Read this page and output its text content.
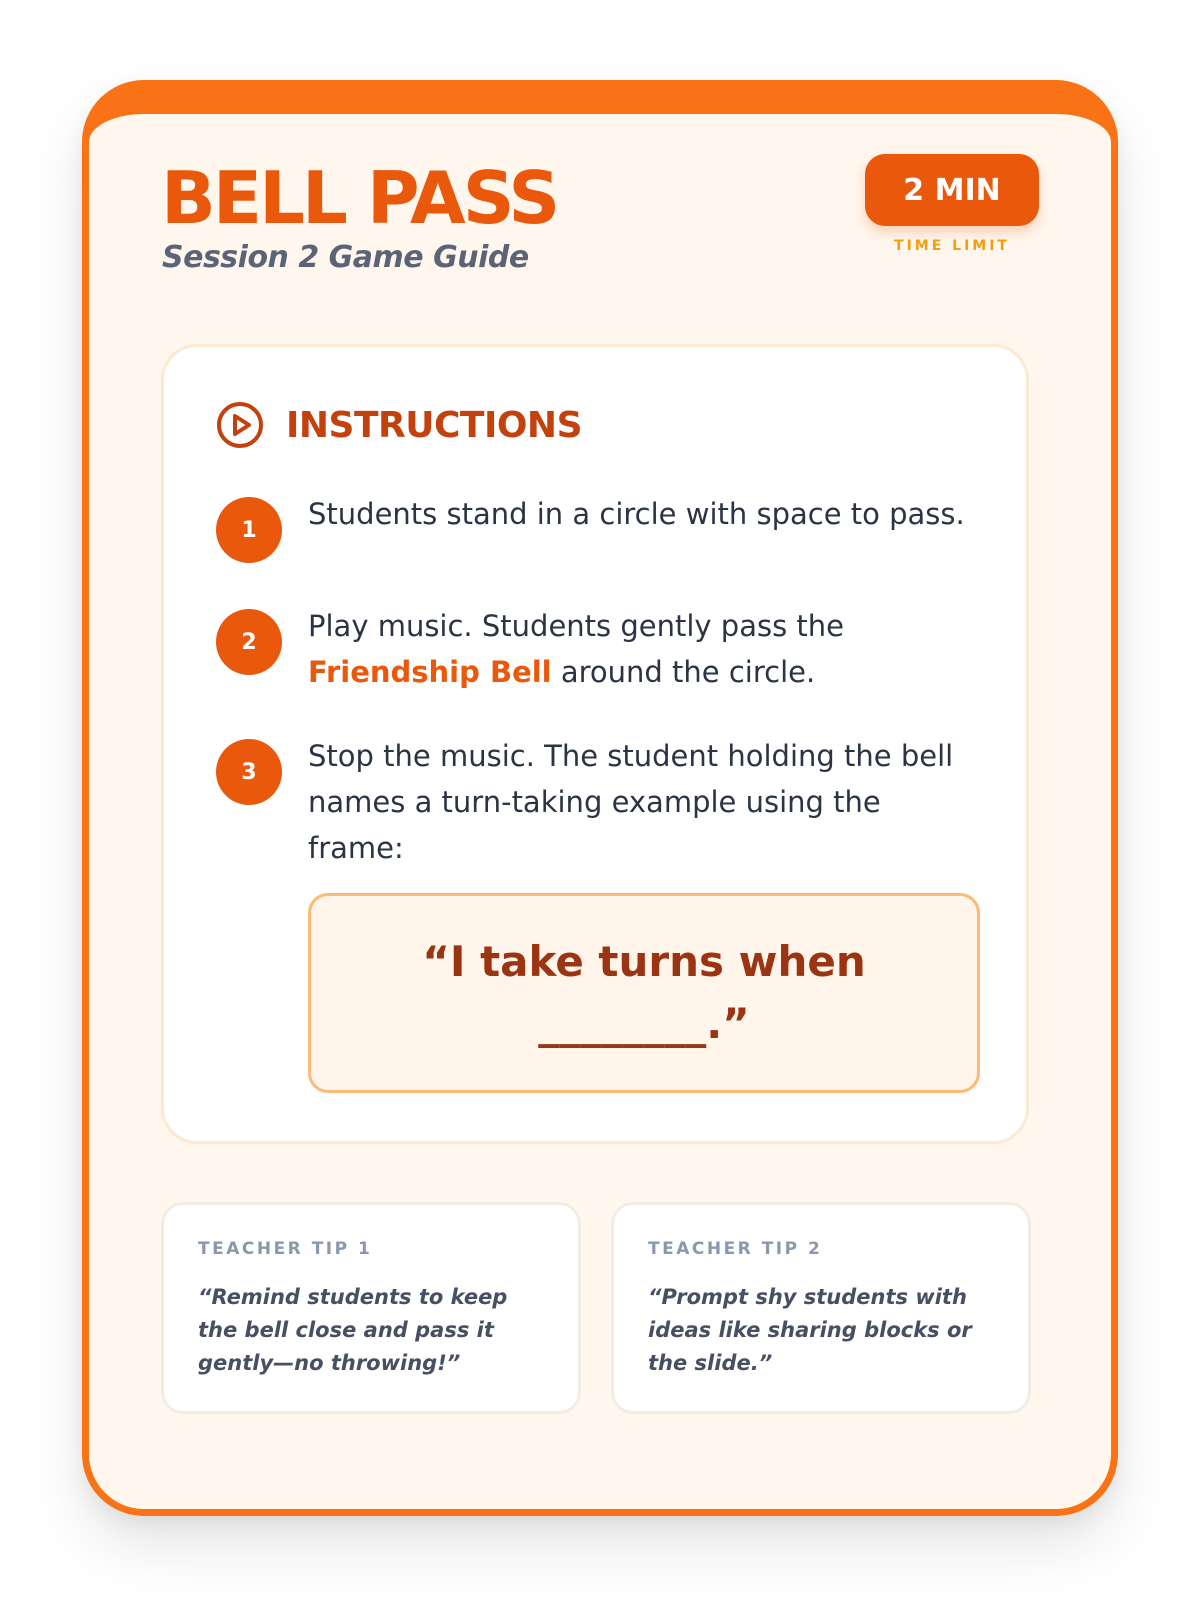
BELL PASS
Session 2 Game Guide
2 MIN
TIME LIMIT
INSTRUCTIONS
1	Students stand in a circle with space to pass.
2	Play music. Students gently pass the Friendship Bell around the circle.
3	Stop the music. The student holding the bell names a turn-taking example using the frame:
“I take turns when ________.”
TEACHER TIP 1
“Remind students to keep the bell close and pass it gently—no throwing!”
TEACHER TIP 2
“Prompt shy students with ideas like sharing blocks or the slide.”
